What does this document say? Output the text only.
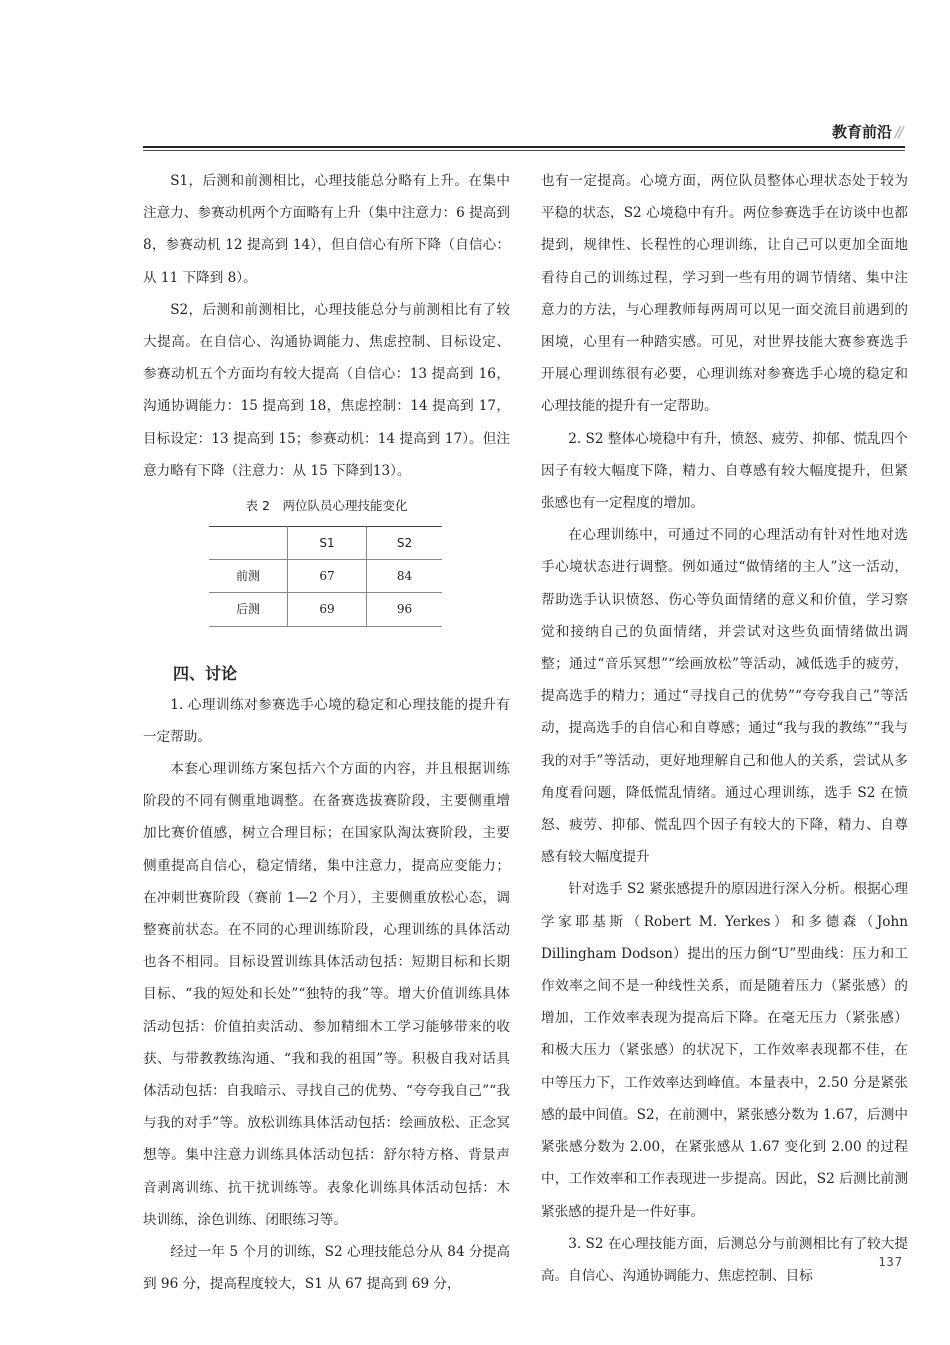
教育前沿 //

S1，后测和前测相比，心理技能总分略有上升。在集中注意力、参赛动机两个方面略有上升（集中注意力：6 提高到 8，参赛动机 12 提高到 14），但自信心有所下降（自信心：从 11 下降到 8）。

S2，后测和前测相比，心理技能总分与前测相比有了较大提高。在自信心、沟通协调能力、焦虑控制、目标设定、参赛动机五个方面均有较大提高（自信心：13 提高到 16，沟通协调能力：15 提高到 18，焦虑控制：14 提高到 17，目标设定：13 提高到 15；参赛动机：14 提高到 17）。但注意力略有下降（注意力：从 15 下降到13）。

表 2　两位队员心理技能变化
	S1	S2
前测	67	84
后测	69	96
四、讨论

1. 心理训练对参赛选手心境的稳定和心理技能的提升有一定帮助。

本套心理训练方案包括六个方面的内容，并且根据训练阶段的不同有侧重地调整。在备赛选拔赛阶段，主要侧重增加比赛价值感，树立合理目标；在国家队淘汰赛阶段，主要侧重提高自信心，稳定情绪，集中注意力，提高应变能力；在冲刺世赛阶段（赛前 1—2 个月），主要侧重放松心态，调整赛前状态。在不同的心理训练阶段，心理训练的具体活动也各不相同。目标设置训练具体活动包括：短期目标和长期目标、“我的短处和长处”“独特的我”等。增大价值训练具体活动包括：价值拍卖活动、参加精细木工学习能够带来的收获、与带教教练沟通、“我和我的祖国”等。积极自我对话具体活动包括：自我暗示、寻找自己的优势、“夸夸我自己”“我与我的对手”等。放松训练具体活动包括：绘画放松、正念冥想等。集中注意力训练具体活动包括：舒尔特方格、背景声音剥离训练、抗干扰训练等。表象化训练具体活动包括：木块训练，涂色训练、闭眼练习等。

经过一年 5 个月的训练，S2 心理技能总分从 84 分提高到 96 分，提高程度较大，S1 从 67 提高到 69 分，

也有一定提高。心境方面，两位队员整体心理状态处于较为平稳的状态，S2 心境稳中有升。两位参赛选手在访谈中也都提到，规律性、长程性的心理训练，让自己可以更加全面地看待自己的训练过程，学习到一些有用的调节情绪、集中注意力的方法，与心理教师每两周可以见一面交流目前遇到的困境，心里有一种踏实感。可见，对世界技能大赛参赛选手开展心理训练很有必要，心理训练对参赛选手心境的稳定和心理技能的提升有一定帮助。

2. S2 整体心境稳中有升，愤怒、疲劳、抑郁、慌乱四个因子有较大幅度下降，精力、自尊感有较大幅度提升，但紧张感也有一定程度的增加。

在心理训练中，可通过不同的心理活动有针对性地对选手心境状态进行调整。例如通过“做情绪的主人”这一活动，帮助选手认识愤怒、伤心等负面情绪的意义和价值，学习察觉和接纳自己的负面情绪，并尝试对这些负面情绪做出调整；通过“音乐冥想”“绘画放松”等活动，减低选手的疲劳，提高选手的精力；通过“寻找自己的优势”“夸夸我自己”等活动，提高选手的自信心和自尊感；通过“我与我的教练”“我与我的对手”等活动，更好地理解自己和他人的关系，尝试从多角度看问题，降低慌乱情绪。通过心理训练，选手 S2 在愤怒、疲劳、抑郁、慌乱四个因子有较大的下降，精力、自尊感有较大幅度提升

针对选手 S2 紧张感提升的原因进行深入分析。根据心理学家耶基斯（Robert M. Yerkes）和多德森（John Dillingham Dodson）提出的压力倒“U”型曲线：压力和工作效率之间不是一种线性关系，而是随着压力（紧张感）的增加，工作效率表现为提高后下降。在毫无压力（紧张感）和极大压力（紧张感）的状况下，工作效率表现都不佳，在中等压力下，工作效率达到峰值。本量表中，2.50 分是紧张感的最中间值。S2，在前测中，紧张感分数为 1.67，后测中紧张感分数为 2.00，在紧张感从 1.67 变化到 2.00 的过程中，工作效率和工作表现进一步提高。因此，S2 后测比前测紧张感的提升是一件好事。

3. S2 在心理技能方面，后测总分与前测相比有了较大提高。自信心、沟通协调能力、焦虑控制、目标

137
